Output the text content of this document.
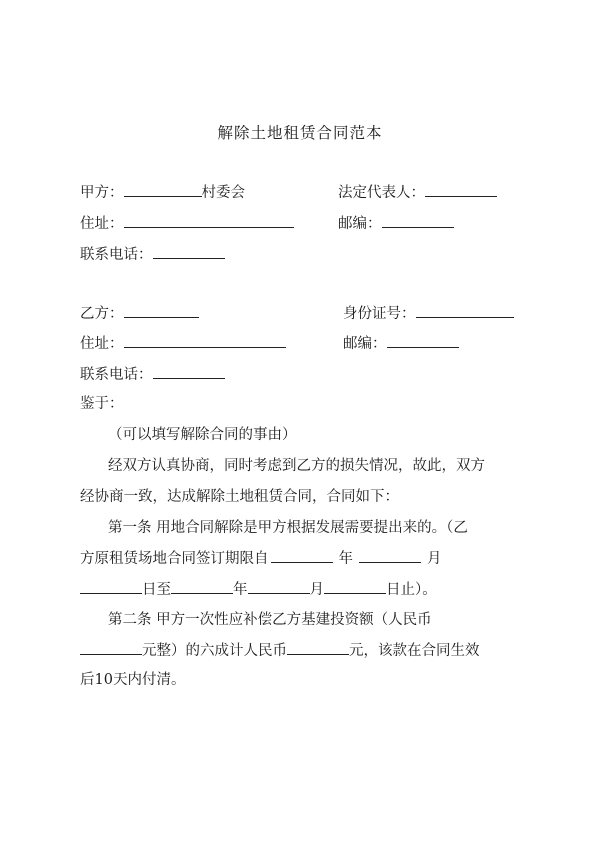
解除土地租赁合同范本
甲方：	村委会	法定代表人：
住址：	邮编：
联系电话：
乙方：	身份证号：
住址：	邮编：
联系电话：
鉴于：
（可以填写解除合同的事由）
经双方认真协商，同时考虑到乙方的损失情况，故此，双方
经协商一致，达成解除土地租赁合同，合同如下：
第一条 用地合同解除是甲方根据发展需要提出来的。（乙
方原租赁场地合同签订期限自	年	月
日至	年	月	日止）。
第二条 甲方一次性应补偿乙方基建投资额（人民币
元整）的六成计人民币	元，该款在合同生效
后10天内付清。
